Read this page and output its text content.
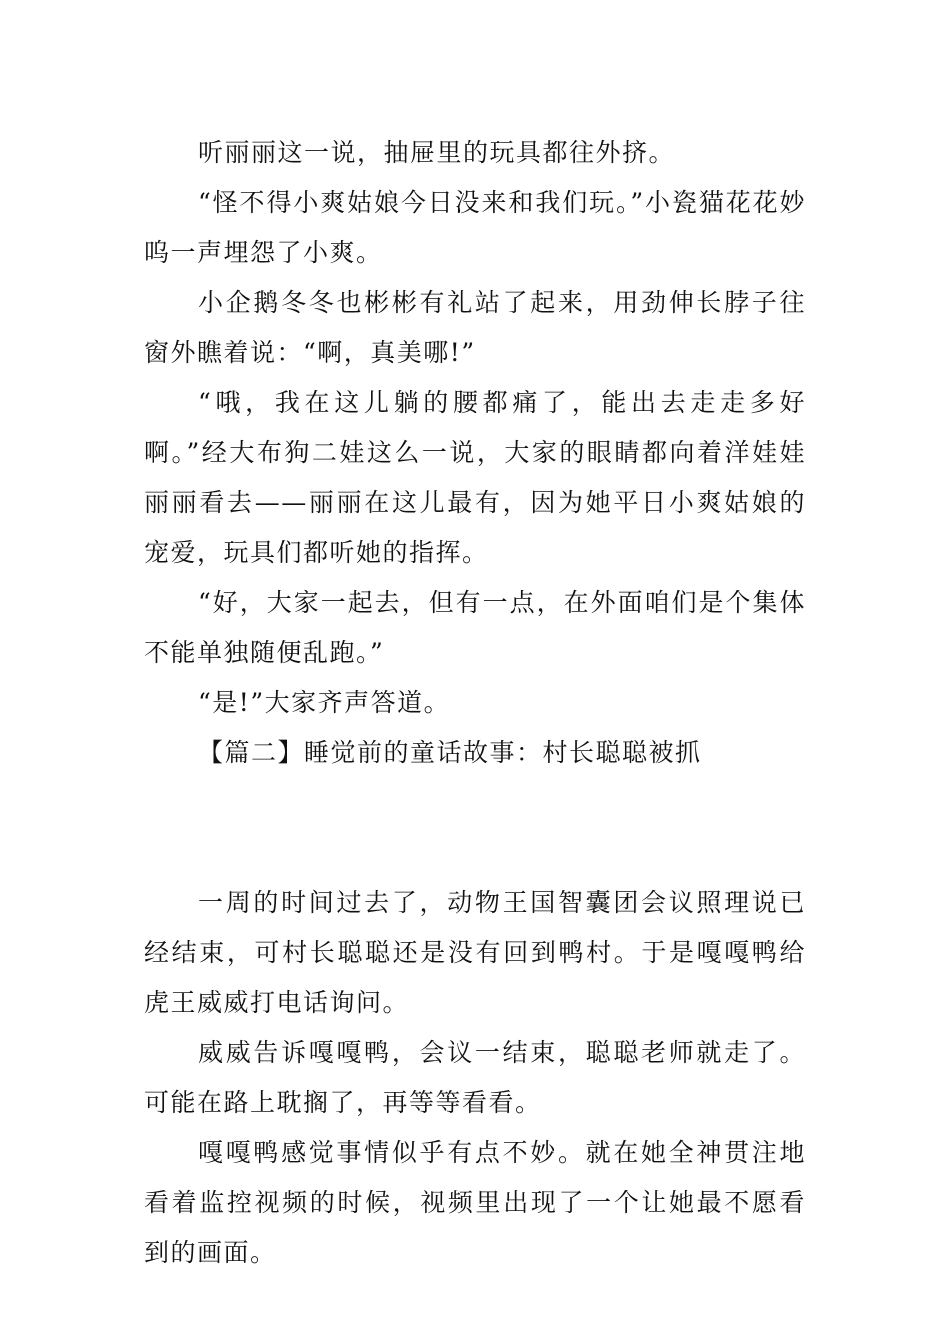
听丽丽这一说，抽屉里的玩具都往外挤。

“怪不得小爽姑娘今日没来和我们玩。”小瓷猫花花妙呜一声埋怨了小爽。

小企鹅冬冬也彬彬有礼站了起来，用劲伸长脖子往窗外瞧着说：“啊，真美哪!”

“哦，我在这儿躺的腰都痛了，能出去走走多好啊。”经大布狗二娃这么一说，大家的眼睛都向着洋娃娃丽丽看去——丽丽在这儿最有，因为她平日小爽姑娘的宠爱，玩具们都听她的指挥。

“好，大家一起去，但有一点，在外面咱们是个集体不能单独随便乱跑。”

“是!”大家齐声答道。

【篇二】睡觉前的童话故事：村长聪聪被抓

一周的时间过去了，动物王国智囊团会议照理说已经结束，可村长聪聪还是没有回到鸭村。于是嘎嘎鸭给虎王威威打电话询问。

威威告诉嘎嘎鸭，会议一结束，聪聪老师就走了。可能在路上耽搁了，再等等看看。

嘎嘎鸭感觉事情似乎有点不妙。就在她全神贯注地看着监控视频的时候，视频里出现了一个让她最不愿看到的画面。
